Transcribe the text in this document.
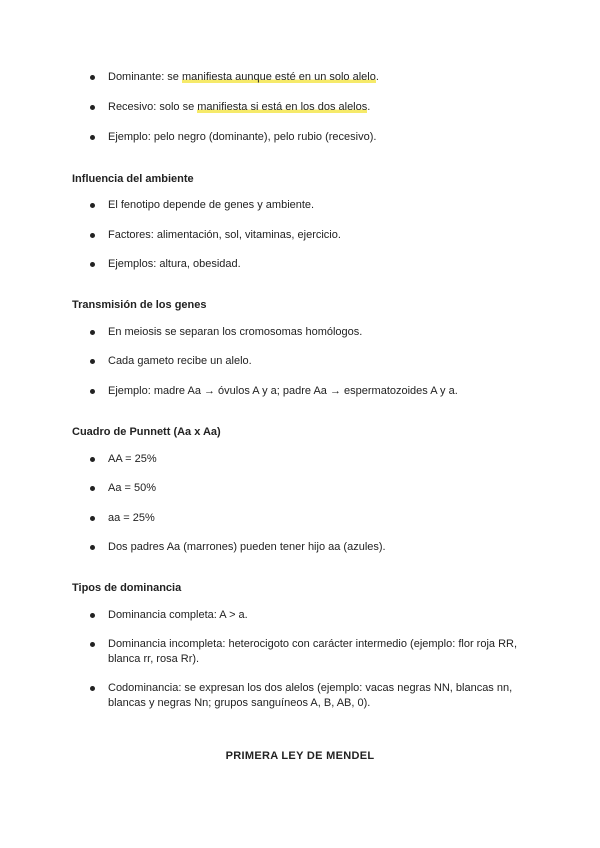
Dominante: se manifiesta aunque esté en un solo alelo.
Recesivo: solo se manifiesta si está en los dos alelos.
Ejemplo: pelo negro (dominante), pelo rubio (recesivo).
Influencia del ambiente
El fenotipo depende de genes y ambiente.
Factores: alimentación, sol, vitaminas, ejercicio.
Ejemplos: altura, obesidad.
Transmisión de los genes
En meiosis se separan los cromosomas homólogos.
Cada gameto recibe un alelo.
Ejemplo: madre Aa → óvulos A y a; padre Aa → espermatozoides A y a.
Cuadro de Punnett (Aa x Aa)
AA = 25%
Aa = 50%
aa = 25%
Dos padres Aa (marrones) pueden tener hijo aa (azules).
Tipos de dominancia
Dominancia completa: A > a.
Dominancia incompleta: heterocigoto con carácter intermedio (ejemplo: flor roja RR, blanca rr, rosa Rr).
Codominancia: se expresan los dos alelos (ejemplo: vacas negras NN, blancas nn, blancas y negras Nn; grupos sanguíneos A, B, AB, 0).
PRIMERA LEY DE MENDEL
